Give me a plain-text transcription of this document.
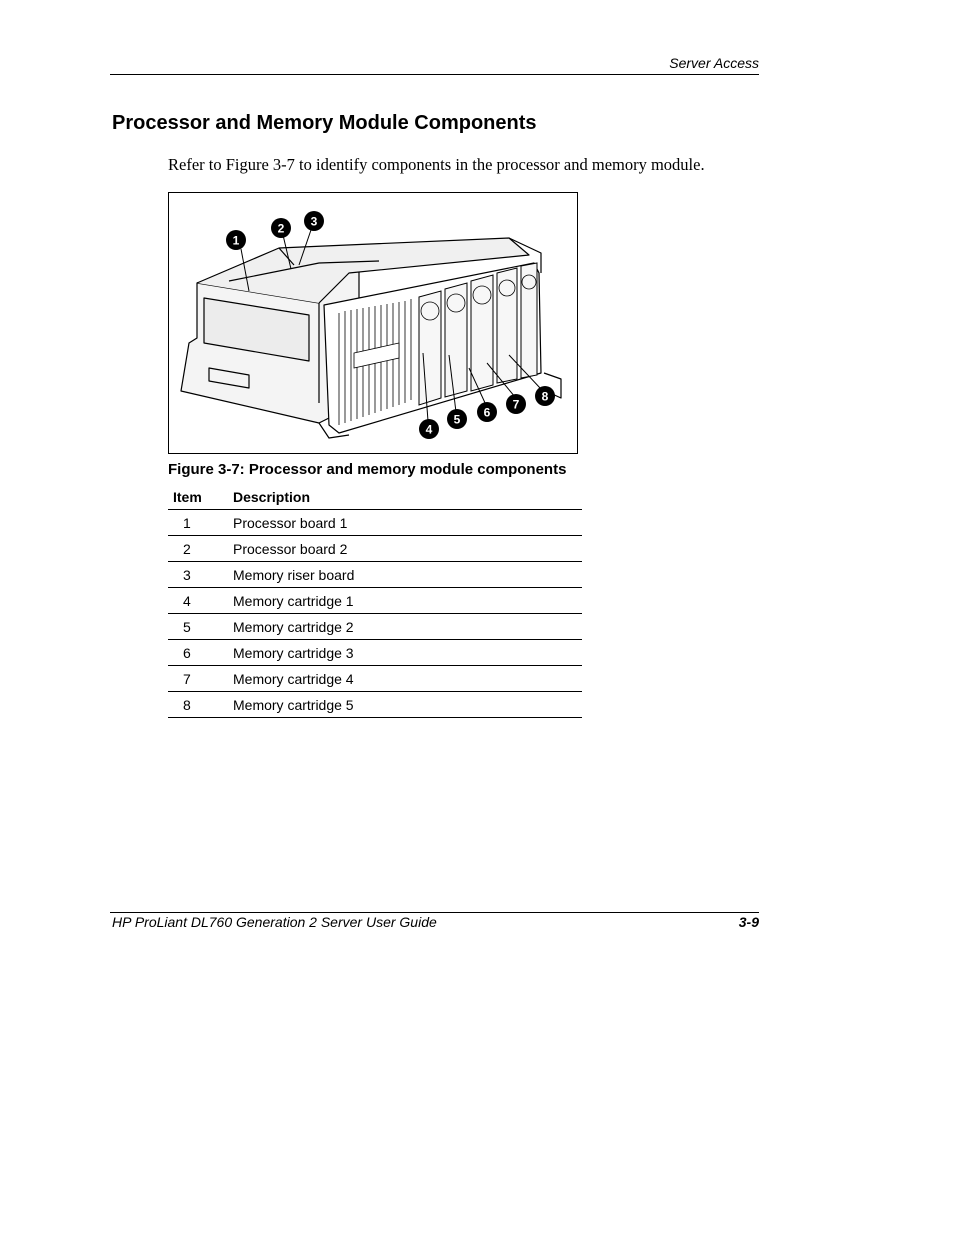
Server Access
Processor and Memory Module Components
Refer to Figure 3-7 to identify components in the processor and memory module.
1
2 3
4
5 6
7
8
Figure 3-7: Processor and memory module components
Item	Description
1	Processor board 1
2	Processor board 2
3	Memory riser board
4	Memory cartridge 1
5	Memory cartridge 2
6	Memory cartridge 3
7	Memory cartridge 4
8	Memory cartridge 5
HP ProLiant DL760 Generation 2 Server User Guide	3-9
